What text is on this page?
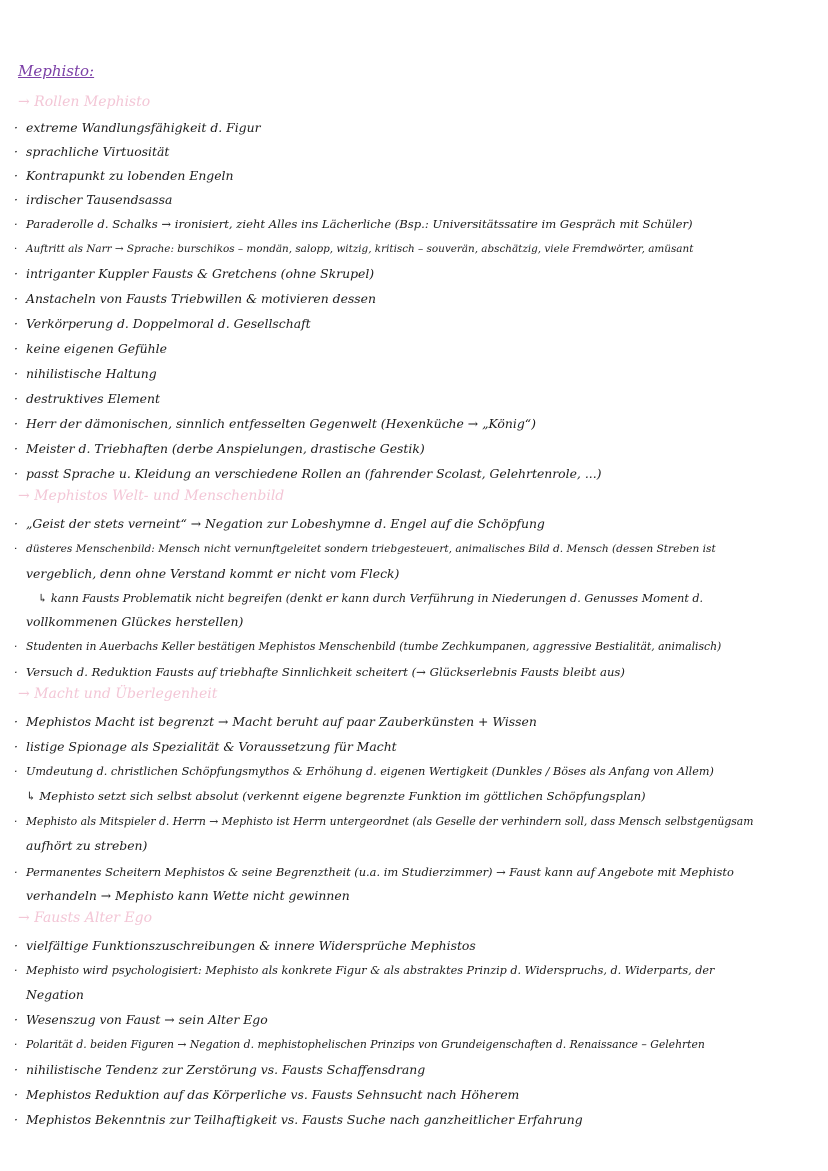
Mephisto:
→ Rollen Mephisto
· extreme Wandlungsfähigkeit d. Figur
· sprachliche Virtuosität
· Kontrapunkt zu lobenden Engeln
· irdischer Tausendsassa
· Paraderolle d. Schalks → ironisiert, zieht Alles ins Lächerliche (Bsp.: Universitätssatire im Gespräch mit Schüler)
· Auftritt als Narr → Sprache: burschikos – mondän, salopp, witzig, kritisch – souverän, abschätzig, viele Fremdwörter, amüsant
· intriganter Kuppler Fausts & Gretchens (ohne Skrupel)
· Anstacheln von Fausts Triebwillen & motivieren dessen
· Verkörperung d. Doppelmoral d. Gesellschaft
· keine eigenen Gefühle
· nihilistische Haltung
· destruktives Element
· Herr der dämonischen, sinnlich entfesselten Gegenwelt (Hexenküche → „König“)
· Meister d. Triebhaften (derbe Anspielungen, drastische Gestik)
· passt Sprache u. Kleidung an verschiedene Rollen an (fahrender Scolast, Gelehrtenrole, ...)
→ Mephistos Welt- und Menschenbild
· „Geist der stets verneint“ → Negation zur Lobeshymne d. Engel auf die Schöpfung
· düsteres Menschenbild: Mensch nicht vernunftgeleitet sondern triebgesteuert, animalisches Bild d. Mensch (dessen Streben ist
vergeblich, denn ohne Verstand kommt er nicht vom Fleck)
↳ kann Fausts Problematik nicht begreifen (denkt er kann durch Verführung in Niederungen d. Genusses Moment d.
vollkommenen Glückes herstellen)
· Studenten in Auerbachs Keller bestätigen Mephistos Menschenbild (tumbe Zechkumpanen, aggressive Bestialität, animalisch)
· Versuch d. Reduktion Fausts auf triebhafte Sinnlichkeit scheitert (→ Glückserlebnis Fausts bleibt aus)
→ Macht und Überlegenheit
· Mephistos Macht ist begrenzt → Macht beruht auf paar Zauberkünsten + Wissen
· listige Spionage als Spezialität & Voraussetzung für Macht
· Umdeutung d. christlichen Schöpfungsmythos & Erhöhung d. eigenen Wertigkeit (Dunkles / Böses als Anfang von Allem)
↳ Mephisto setzt sich selbst absolut (verkennt eigene begrenzte Funktion im göttlichen Schöpfungsplan)
· Mephisto als Mitspieler d. Herrn → Mephisto ist Herrn untergeordnet (als Geselle der verhindern soll, dass Mensch selbstgenügsam
aufhört zu streben)
· Permanentes Scheitern Mephistos & seine Begrenztheit (u.a. im Studierzimmer) → Faust kann auf Angebote mit Mephisto
verhandeln → Mephisto kann Wette nicht gewinnen
→ Fausts Alter Ego
· vielfältige Funktionszuschreibungen & innere Widersprüche Mephistos
· Mephisto wird psychologisiert: Mephisto als konkrete Figur & als abstraktes Prinzip d. Widerspruchs, d. Widerparts, der
Negation
· Wesenszug von Faust → sein Alter Ego
· Polarität d. beiden Figuren → Negation d. mephistophelischen Prinzips von Grundeigenschaften d. Renaissance – Gelehrten
· nihilistische Tendenz zur Zerstörung vs. Fausts Schaffensdrang
· Mephistos Reduktion auf das Körperliche vs. Fausts Sehnsucht nach Höherem
· Mephistos Bekenntnis zur Teilhaftigkeit vs. Fausts Suche nach ganzheitlicher Erfahrung
